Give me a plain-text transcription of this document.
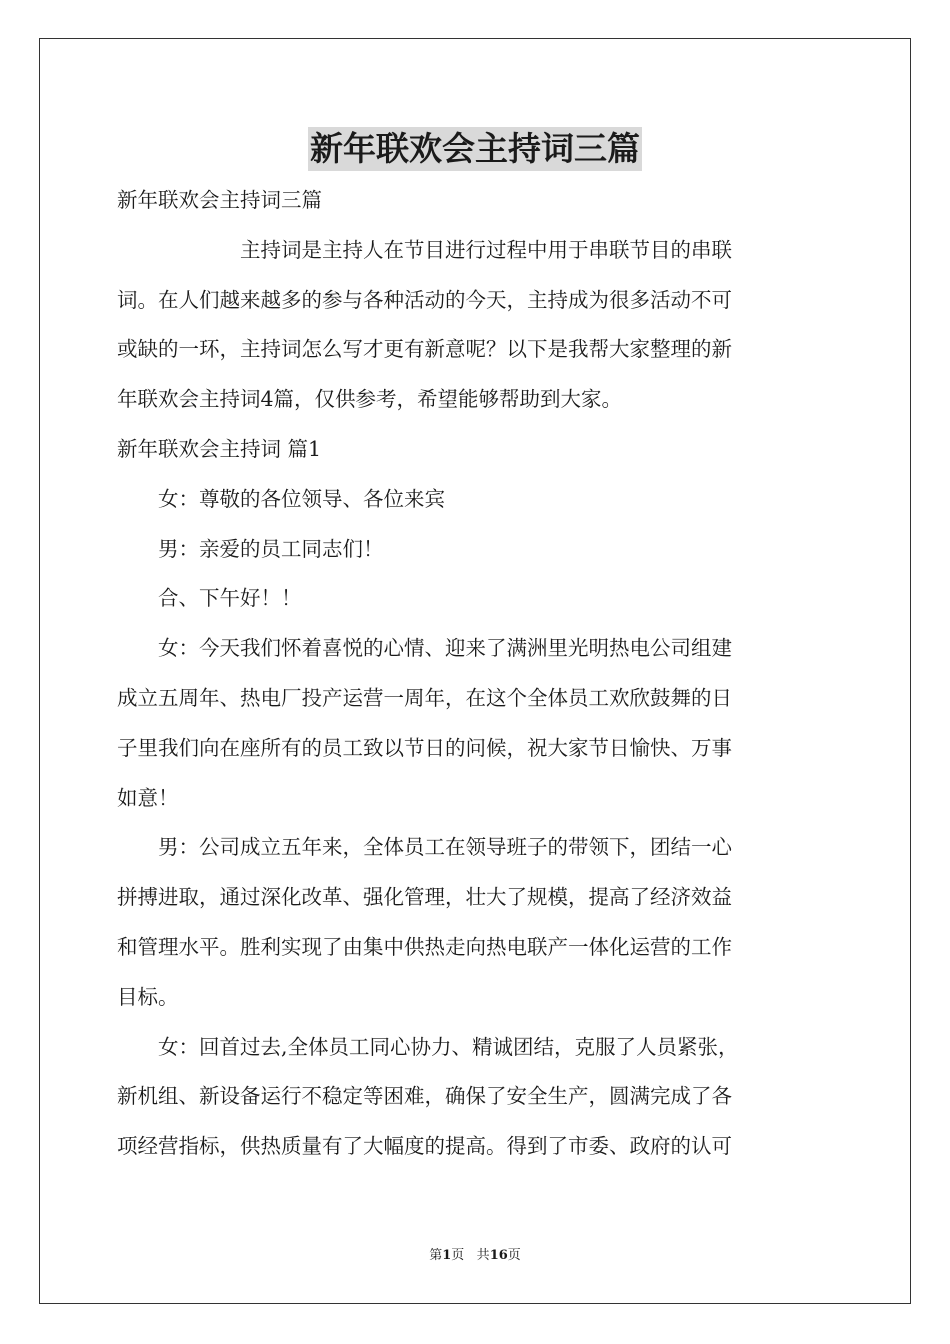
新年联欢会主持词三篇
新年联欢会主持词三篇
　　　　　　主持词是主持人在节目进行过程中用于串联节目的串联
词。在人们越来越多的参与各种活动的今天，主持成为很多活动不可
或缺的一环，主持词怎么写才更有新意呢？以下是我帮大家整理的新
年联欢会主持词4篇，仅供参考，希望能够帮助到大家。
新年联欢会主持词 篇1
　　女：尊敬的各位领导、各位来宾
　　男：亲爱的员工同志们！
　　合、下午好！！
　　女：今天我们怀着喜悦的心情、迎来了满洲里光明热电公司组建
成立五周年、热电厂投产运营一周年，在这个全体员工欢欣鼓舞的日
子里我们向在座所有的员工致以节日的问候，祝大家节日愉快、万事
如意！
　　男：公司成立五年来，全体员工在领导班子的带领下，团结一心
拼搏进取，通过深化改革、强化管理，壮大了规模，提高了经济效益
和管理水平。胜利实现了由集中供热走向热电联产一体化运营的工作
目标。
　　女：回首过去,全体员工同心协力、精诚团结，克服了人员紧张，
新机组、新设备运行不稳定等困难，确保了安全生产，圆满完成了各
项经营指标，供热质量有了大幅度的提高。得到了市委、政府的认可
第1页 共16页
